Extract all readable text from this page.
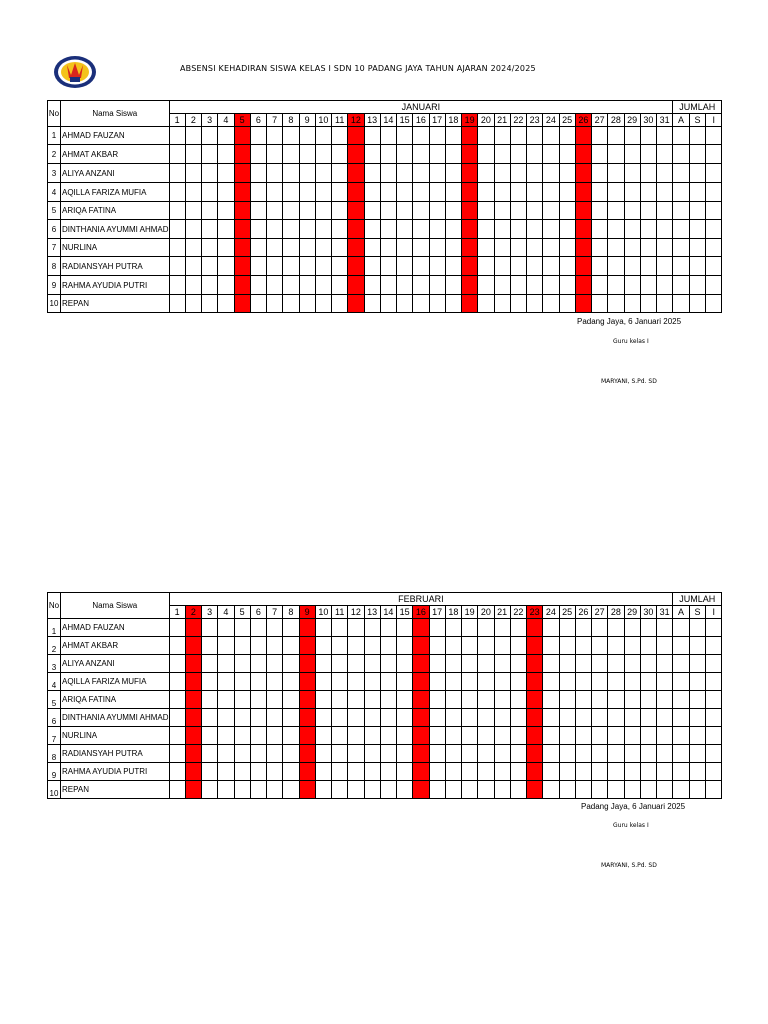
ABSENSI KEHADIRAN SISWA KELAS I SDN 10 PADANG JAYA TAHUN AJARAN 2024/2025
No	Nama Siswa	JANUARI																															JUMLAH		
		1	2	3	4	5	6	7	8	9	10	11	12	13	14	15	16	17	18	19	20	21	22	23	24	25	26	27	28	29	30	31	A	S	I
1	AHMAD FAUZAN																																		
2	AHMAT AKBAR																																		
3	ALIYA ANZANI																																		
4	AQILLA FARIZA MUFIA																																		
5	ARIQA FATINA																																		
6	DINTHANIA AYUMMI AHMAD																																		
7	NURLINA																																		
8	RADIANSYAH PUTRA																																		
9	RAHMA AYUDIA PUTRI																																		
10	REPAN																																		
Padang Jaya, 6 Januari 2025
Guru kelas I
MARYANI, S.Pd. SD
No	Nama Siswa	FEBRUARI																															JUMLAH		
		1	2	3	4	5	6	7	8	9	10	11	12	13	14	15	16	17	18	19	20	21	22	23	24	25	26	27	28	29	30	31	A	S	I
1	AHMAD FAUZAN																																		
2	AHMAT AKBAR																																		
3	ALIYA ANZANI																																		
4	AQILLA FARIZA MUFIA																																		
5	ARIQA FATINA																																		
6	DINTHANIA AYUMMI AHMAD																																		
7	NURLINA																																		
8	RADIANSYAH PUTRA																																		
9	RAHMA AYUDIA PUTRI																																		
10	REPAN																																		
Padang Jaya, 6 Januari 2025
Guru kelas I
MARYANI, S.Pd. SD
